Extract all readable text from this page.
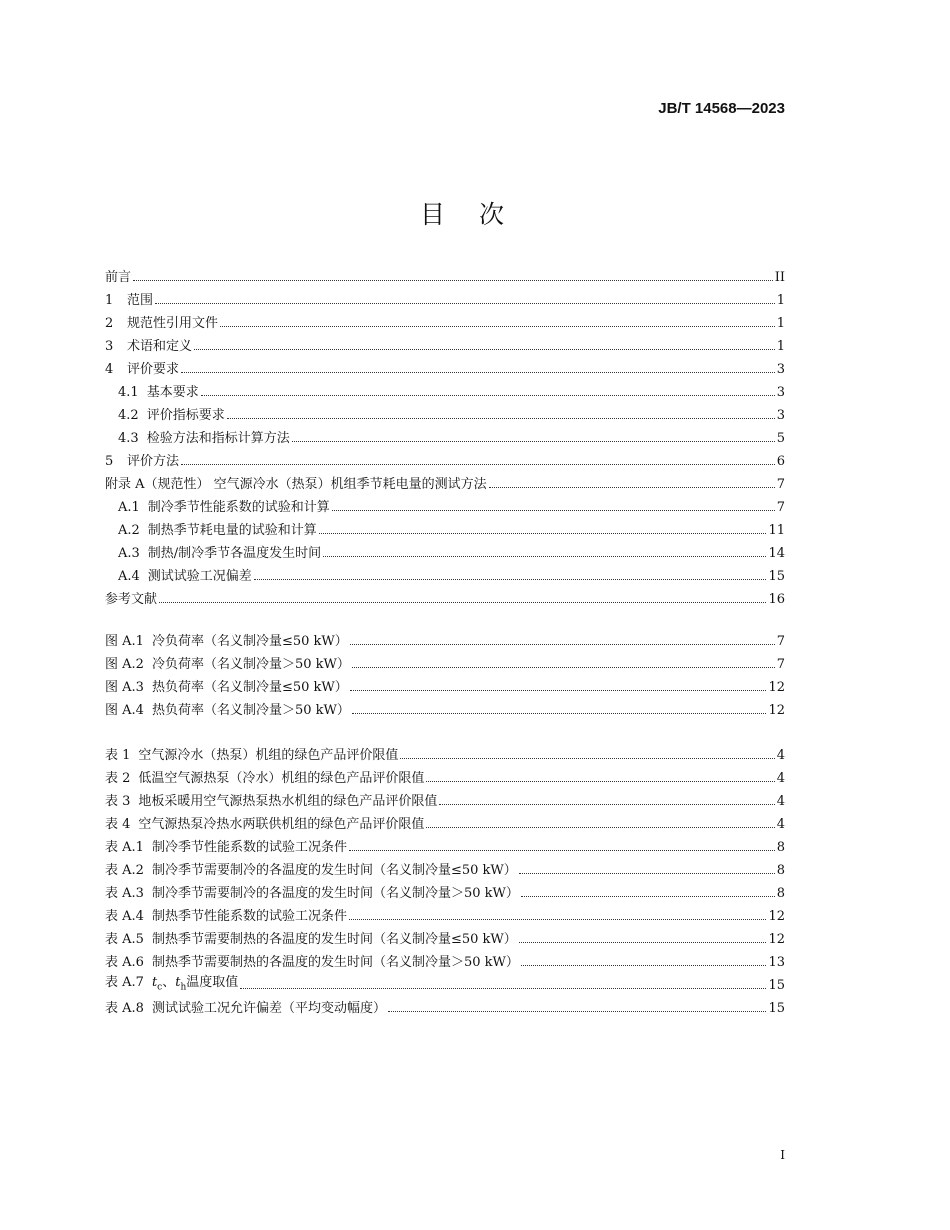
JB/T 14568—2023
目次
前言	II
1 范围	1
2 规范性引用文件	1
3 术语和定义	1
4 评价要求	3
4.1 基本要求	3
4.2 评价指标要求	3
4.3 检验方法和指标计算方法	5
5 评价方法	6
附录 A（规范性） 空气源冷水（热泵）机组季节耗电量的测试方法	7
A.1 制冷季节性能系数的试验和计算	7
A.2 制热季节耗电量的试验和计算	11
A.3 制热/制冷季节各温度发生时间	14
A.4 测试试验工况偏差	15
参考文献	16
图 A.1 冷负荷率（名义制冷量≤50 kW）	7
图 A.2 冷负荷率（名义制冷量＞50 kW）	7
图 A.3 热负荷率（名义制冷量≤50 kW）	12
图 A.4 热负荷率（名义制冷量＞50 kW）	12
表 1 空气源冷水（热泵）机组的绿色产品评价限值	4
表 2 低温空气源热泵（冷水）机组的绿色产品评价限值	4
表 3 地板采暖用空气源热泵热水机组的绿色产品评价限值	4
表 4 空气源热泵冷热水两联供机组的绿色产品评价限值	4
表 A.1 制冷季节性能系数的试验工况条件	8
表 A.2 制冷季节需要制冷的各温度的发生时间（名义制冷量≤50 kW）	8
表 A.3 制冷季节需要制冷的各温度的发生时间（名义制冷量＞50 kW）	8
表 A.4 制热季节性能系数的试验工况条件	12
表 A.5 制热季节需要制热的各温度的发生时间（名义制冷量≤50 kW）	12
表 A.6 制热季节需要制热的各温度的发生时间（名义制冷量＞50 kW）	13
表 A.7 $t_c$、$t_h$温度取值	15
表 A.8 测试试验工况允许偏差（平均变动幅度）	15
I
